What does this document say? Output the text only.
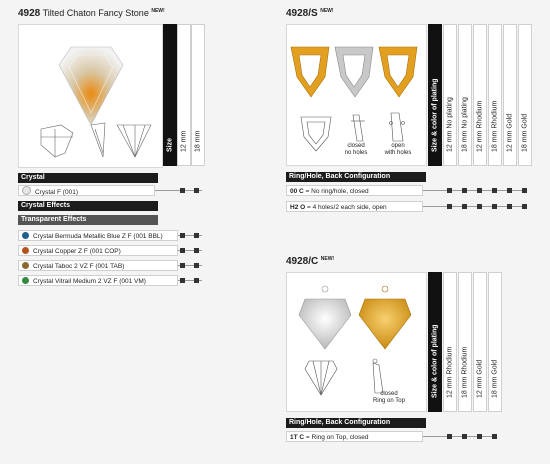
4928 Tilted Chaton Fancy Stone $^{NEW!}$
Size 12 mm 18 mm
Crystal
Crystal F (001)
Crystal Effects
Transparent Effects
Crystal Bermuda Metallic Blue Z F (001 BBL)
Crystal Copper Z F (001 COP)
Crystal Taboc 2 VZ F (001 TAB)
Crystal Vitrail Medium 2 VZ F (001 VM)
4928/S $^{NEW!}$
closed
no holes
open
with holes
Size & color of plating 12 mm No plating 18 mm No plating 12 mm Rhodium 18 mm Rhodium 12 mm Gold 18 mm Gold
Ring/Hole, Back Configuration
00 C = No ring/hole, closed
H2 O = 4 holes/2 each side, open
4928/C $^{NEW!}$
closed
Ring on Top
Size & color of plating 12 mm Rhodium 18 mm Rhodium 12 mm Gold 18 mm Gold
Ring/Hole, Back Configuration
1T C = Ring on Top, closed
